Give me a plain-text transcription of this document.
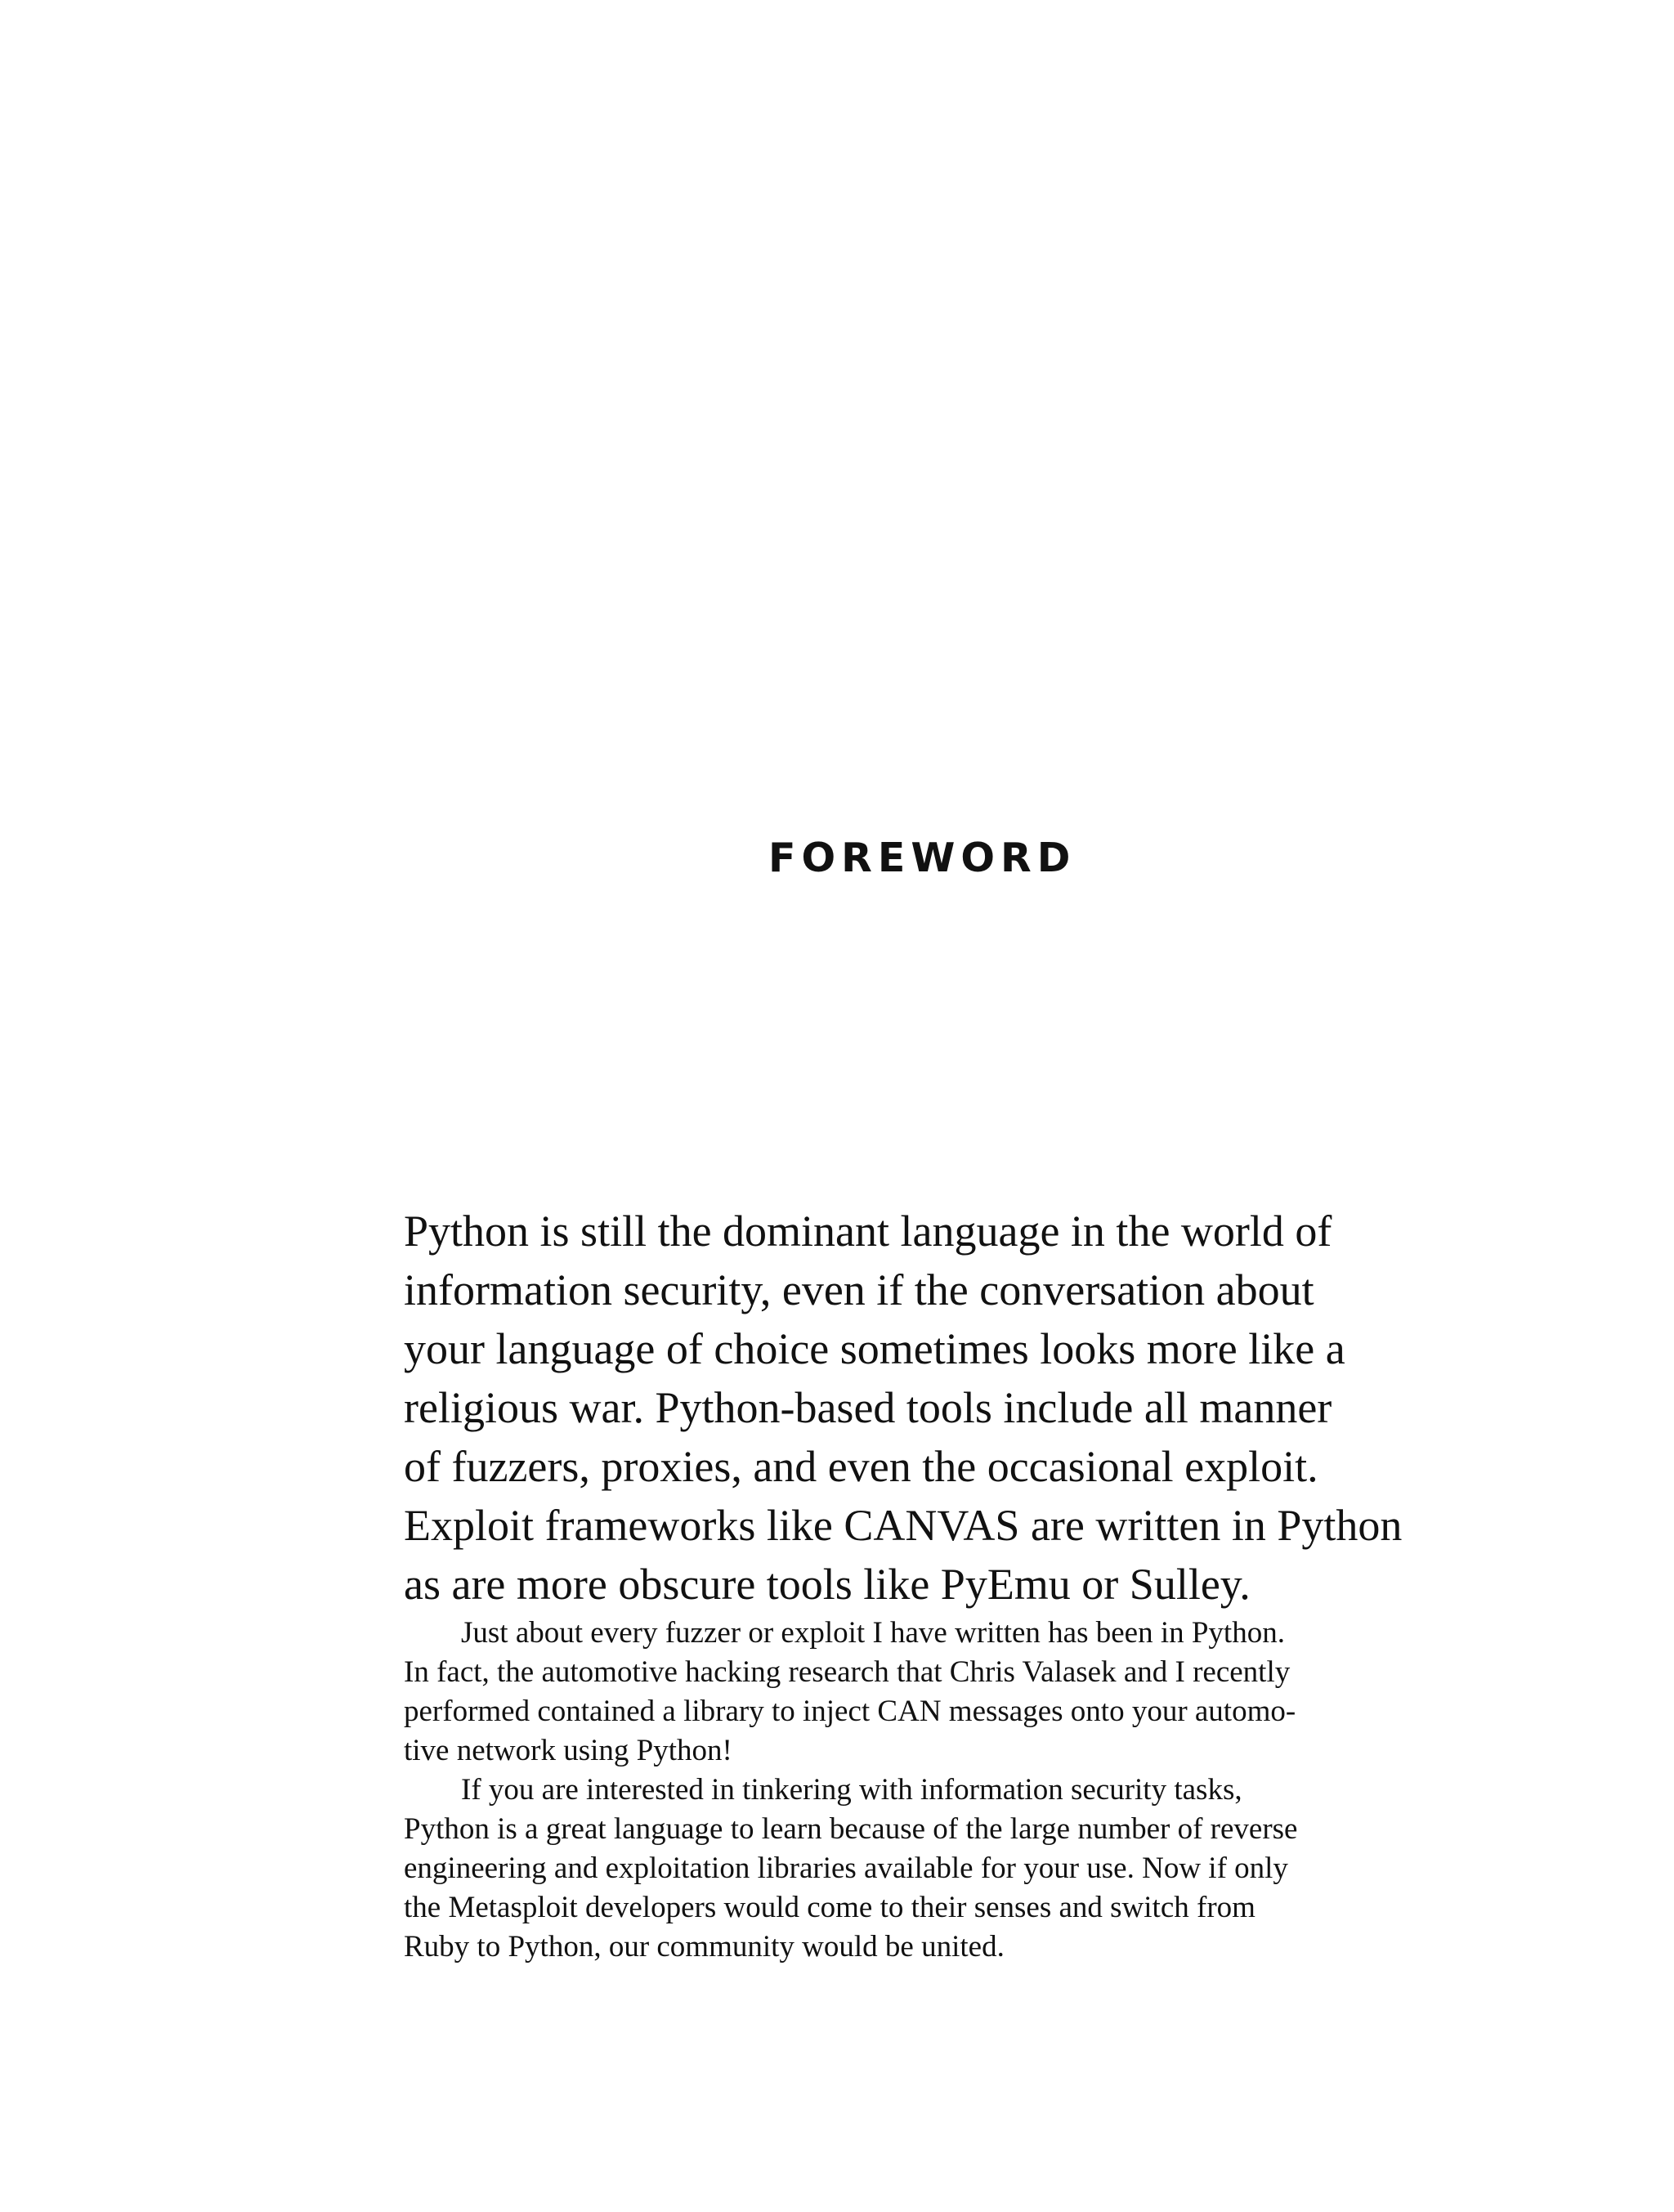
FOREWORD

Python is still the dominant language in the world of
information security, even if the conversation about
your language of choice sometimes looks more like a
religious war. Python-based tools include all manner
of fuzzers, proxies, and even the occasional exploit.
Exploit frameworks like CANVAS are written in Python
as are more obscure tools like PyEmu or Sulley.

Just about every fuzzer or exploit I have written has been in Python.
In fact, the automotive hacking research that Chris Valasek and I recently
performed contained a library to inject CAN messages onto your automo-
tive network using Python!

If you are interested in tinkering with information security tasks,
Python is a great language to learn because of the large number of reverse
engineering and exploitation libraries available for your use. Now if only
the Metasploit developers would come to their senses and switch from
Ruby to Python, our community would be united.
